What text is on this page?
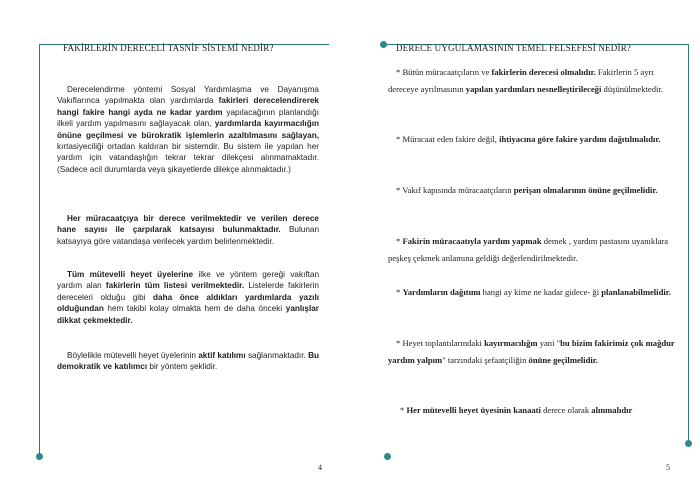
FAKİRLERİN DERECELİ TASNİF SİSTEMİ NEDİR?
Derecelendirme yöntemi Sosyal Yardımlaşma ve Dayanışma Vakıflarınca yapılmakta olan yardımlarda fakirleri derecelendirerek hangi fakire hangi ayda ne kadar yardım yapılacağının planlandığı ilkeli yardım yapılmasını sağlayacak olan, yardımlarda kayırmacılığın önüne geçilmesi ve bürokratik işlemlerin azaltılmasını sağlayan, kırtasiyeciliği ortadan kaldıran bir sistemdir. Bu sistem ile yapılan her yardım için vatandaşlığın tekrar tekrar dilekçesi alınmamaktadır. (Sadece acil durumlarda veya şikayetlerde dilekçe alınmaktadır.)
Her müracaatçıya bir derece verilmektedir ve verilen derece hane sayısı ile çarpılarak katsayısı bulunmaktadır. Bulunan katsayıya göre vatandaşa verilecek yardım belirlenmektedir.
Tüm mütevelli heyet üyelerine ilke ve yöntem gereği vakıftan yardım alan fakirlerin tüm listesi verilmektedir. Listelerde fakirlerin dereceleri olduğu gibi daha önce aldıkları yardımlarda yazılı olduğundan hem takibi kolay olmakta hem de daha önceki yanlışlar dikkat çekmektedir.
Böylelikle mütevelli heyet üyelerinin aktif katılımı sağlanmaktadır. Bu demokratik ve katılımcı bir yöntem şeklidir.
4
DERECE UYGULAMASININ TEMEL FELSEFESİ NEDİR?
* Bütün müracaatçıların ve fakirlerin derecesi olmalıdır. Fakirlerin 5 ayrı dereceye ayrılmasının yapılan yardımları nesnelleştirileceği düşünülmektedir.
* Müracaat eden fakire değil, ihtiyacına göre fakire yardım dağıtılmalıdır.
* Vakıf kapısında müracaatçıların perişan olmalarının önüne geçilmelidir.
* Fakirin müracaatıyla yardım yapmak demek , yardım pastasını uyanıklara peşkeş çekmek anlamına geldiği değerlendirilmektedir.
* Yardımların dağıtımı hangi ay kime ne kadar gidece- ği planlanabilmelidir.
* Heyet toplantılarındaki kayırmacılığın yani "bu bizim fakirimiz çok mağdur yardım yalpım" tarzındaki şefaatçiliğin önüne geçilmelidir.
* Her mütevelli heyet üyesinin kanaati derece olarak alınmalıdır
5
